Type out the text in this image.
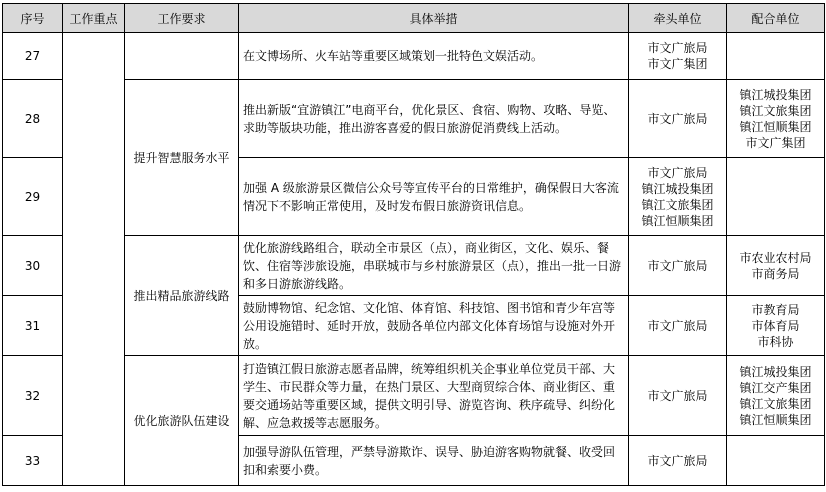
序号	工作重点	工作要求	具体举措	牵头单位	配合单位
27			在文博场所、火车站等重要区域策划一批特色文娱活动。	市文广旅局
市文广集团	

28		提升智慧服务水平	推出新版“宜游镇江”电商平台，优化景区、食宿、购物、攻略、导览、求助等版块功能，推出游客喜爱的假日旅游促消费线上活动。	市文广旅局	镇江城投集团
镇江文旅集团
镇江恒顺集团
市文广集团

29			加强 A 级旅游景区微信公众号等宣传平台的日常维护，确保假日大客流情况下不影响正常使用，及时发布假日旅游资讯信息。	市文广旅局
镇江城投集团
镇江文旅集团
镇江恒顺集团	

30		推出精品旅游线路	优化旅游线路组合，联动全市景区（点），商业街区，文化、娱乐、餐饮、住宿等涉旅设施，串联城市与乡村旅游景区（点），推出一批一日游和多日游旅游线路。	市文广旅局	市农业农村局
市商务局

31			鼓励博物馆、纪念馆、文化馆、体育馆、科技馆、图书馆和青少年宫等公用设施错时、延时开放，鼓励各单位内部文化体育场馆与设施对外开放。	市文广旅局	市教育局
市体育局
市科协

32		优化旅游队伍建设	打造镇江假日旅游志愿者品牌，统筹组织机关企事业单位党员干部、大学生、市民群众等力量，在热门景区、大型商贸综合体、商业街区、重要交通场站等重要区域，提供文明引导、游览咨询、秩序疏导、纠纷化解、应急救援等志愿服务。	市文广旅局	镇江城投集团
镇江交产集团
镇江文旅集团
镇江恒顺集团

33			加强导游队伍管理，严禁导游欺诈、误导、胁迫游客购物就餐、收受回扣和索要小费。	市文广旅局	
